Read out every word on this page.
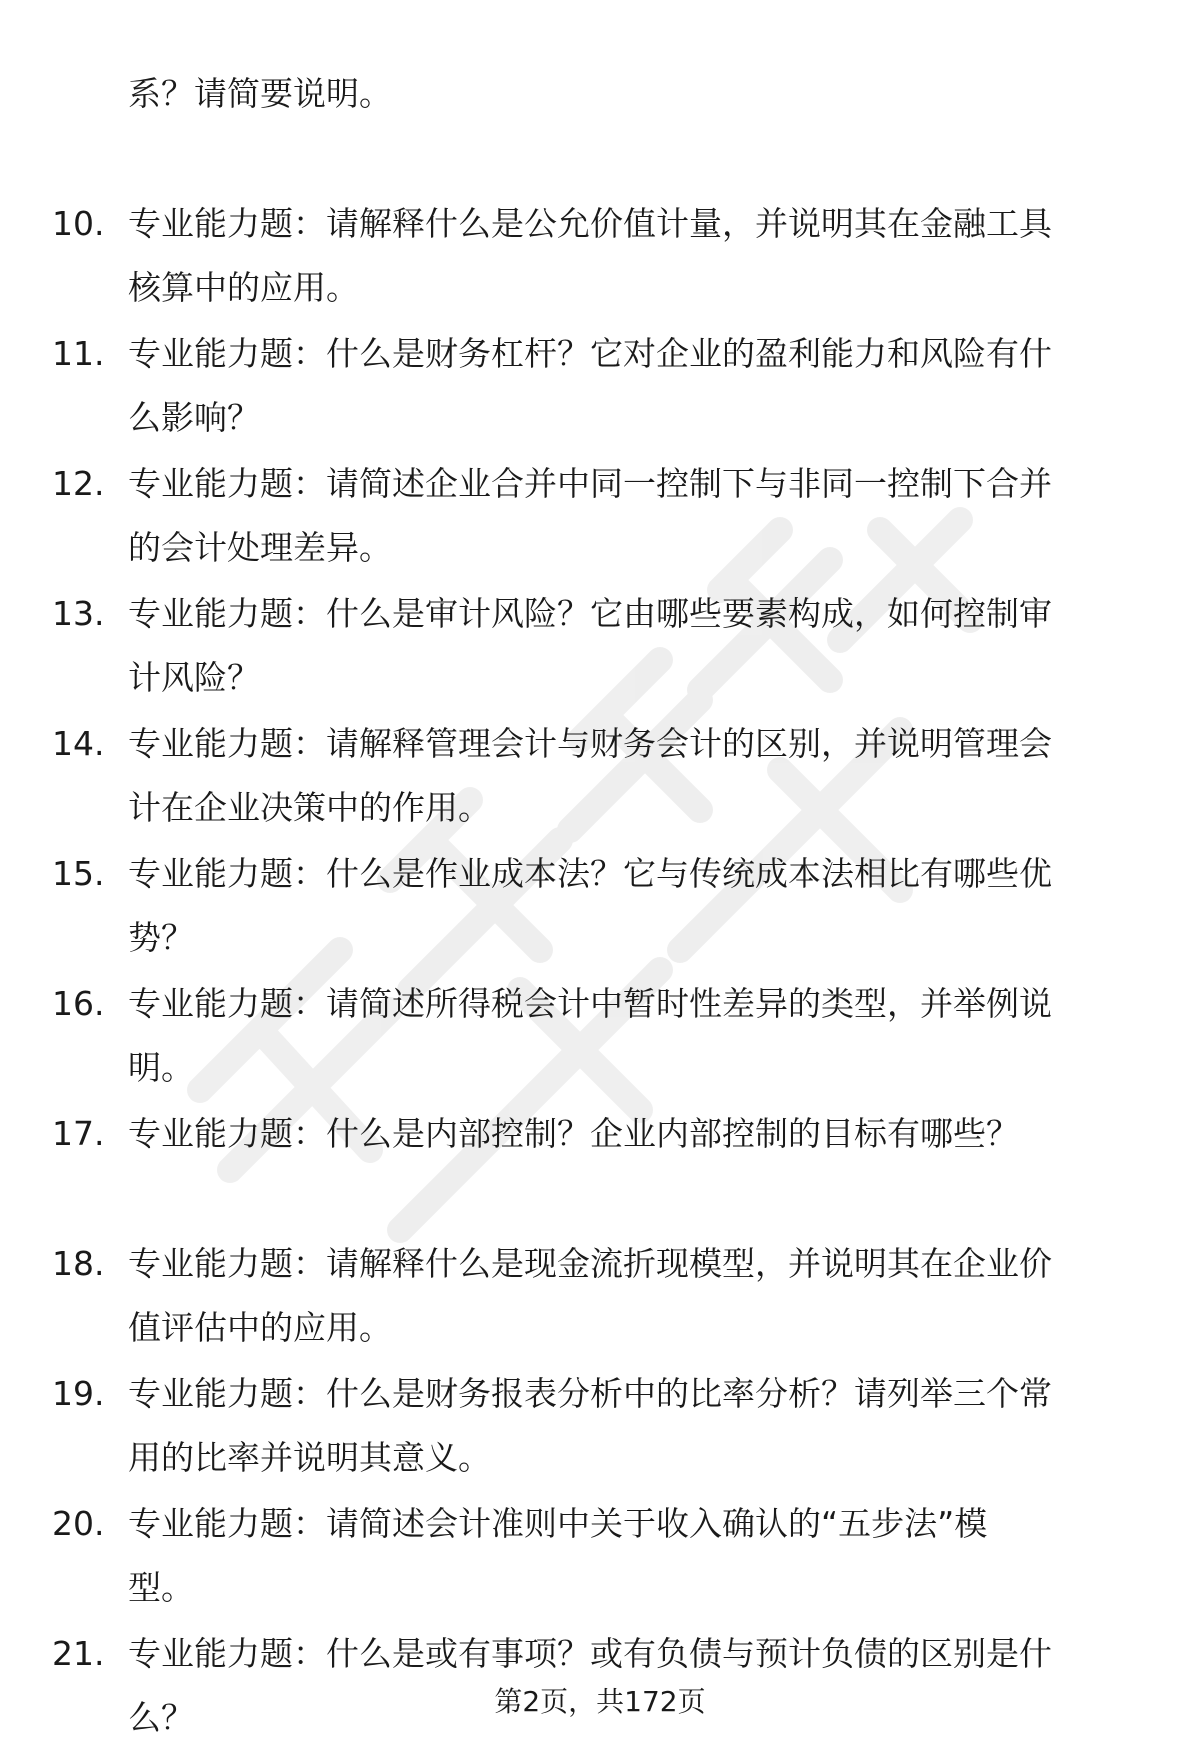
系？请简要说明。
10. 专业能力题：请解释什么是公允价值计量，并说明其在金融工具
核算中的应用。
11. 专业能力题：什么是财务杠杆？它对企业的盈利能力和风险有什
么影响？
12. 专业能力题：请简述企业合并中同一控制下与非同一控制下合并
的会计处理差异。
13. 专业能力题：什么是审计风险？它由哪些要素构成，如何控制审
计风险？
14. 专业能力题：请解释管理会计与财务会计的区别，并说明管理会
计在企业决策中的作用。
15. 专业能力题：什么是作业成本法？它与传统成本法相比有哪些优
势？
16. 专业能力题：请简述所得税会计中暂时性差异的类型，并举例说
明。
17. 专业能力题：什么是内部控制？企业内部控制的目标有哪些？
18. 专业能力题：请解释什么是现金流折现模型，并说明其在企业价
值评估中的应用。
19. 专业能力题：什么是财务报表分析中的比率分析？请列举三个常
用的比率并说明其意义。
20. 专业能力题：请简述会计准则中关于收入确认的“五步法”模
型。
21. 专业能力题：什么是或有事项？或有负债与预计负债的区别是什
么？	第2页，共172页
